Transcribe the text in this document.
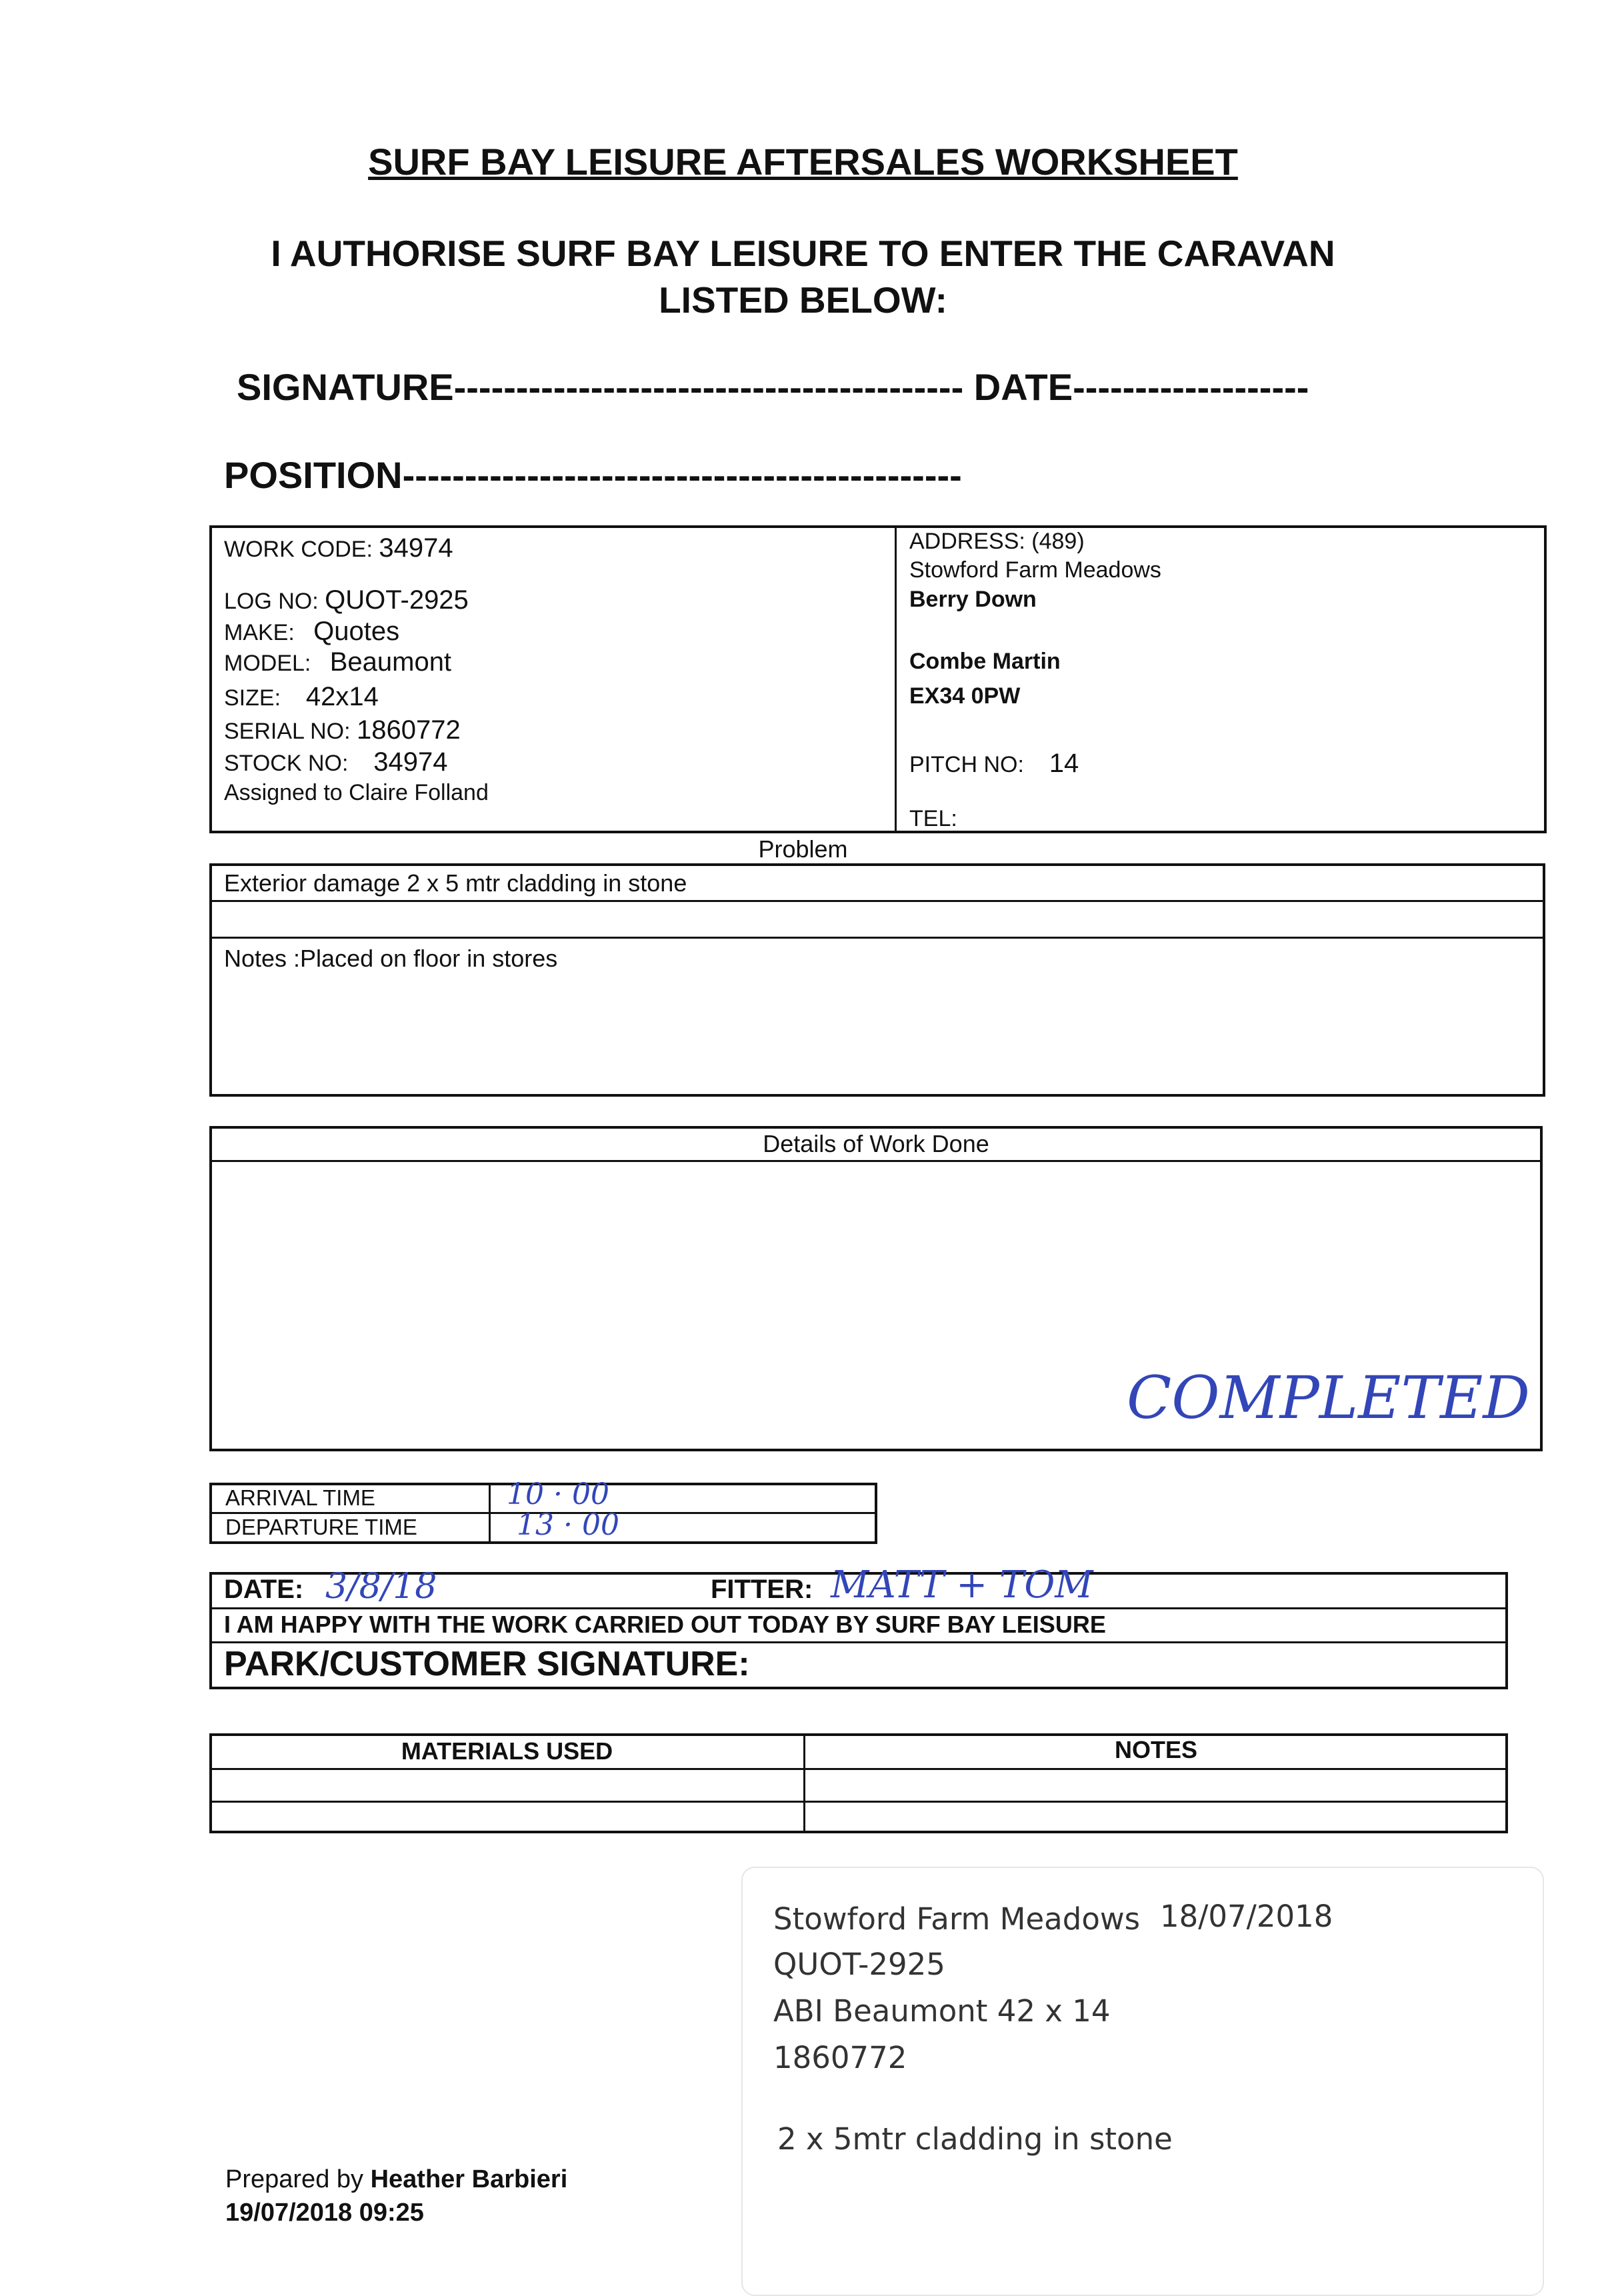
SURF BAY LEISURE AFTERSALES WORKSHEET
I AUTHORISE SURF BAY LEISURE TO ENTER THE CARAVAN
LISTED BELOW:
SIGNATURE----------------------------------------- DATE-------------------
POSITION---------------------------------------------
WORK CODE: 34974
LOG NO: QUOT-2925
MAKE: Quotes
MODEL: Beaumont
SIZE: 42x14
SERIAL NO: 1860772
STOCK NO: 34974
Assigned to Claire Folland
ADDRESS: (489)
Stowford Farm Meadows
Berry Down
Combe Martin
EX34 0PW
PITCH NO: 14
TEL:
Problem
Exterior damage 2 x 5 mtr cladding in stone
Notes :Placed on floor in stores
Details of Work Done
COMPLETED
ARRIVAL TIME
DEPARTURE TIME
10 · 00
13 · 00
DATE: 3/8/18	FITTER: MATT + TOM
I AM HAPPY WITH THE WORK CARRIED OUT TODAY BY SURF BAY LEISURE
PARK/CUSTOMER SIGNATURE:
MATERIALS USED	NOTES
Stowford Farm Meadows 18/07/2018
QUOT-2925
ABI Beaumont 42 x 14
1860772
2 x 5mtr cladding in stone
Prepared by Heather Barbieri
19/07/2018 09:25
